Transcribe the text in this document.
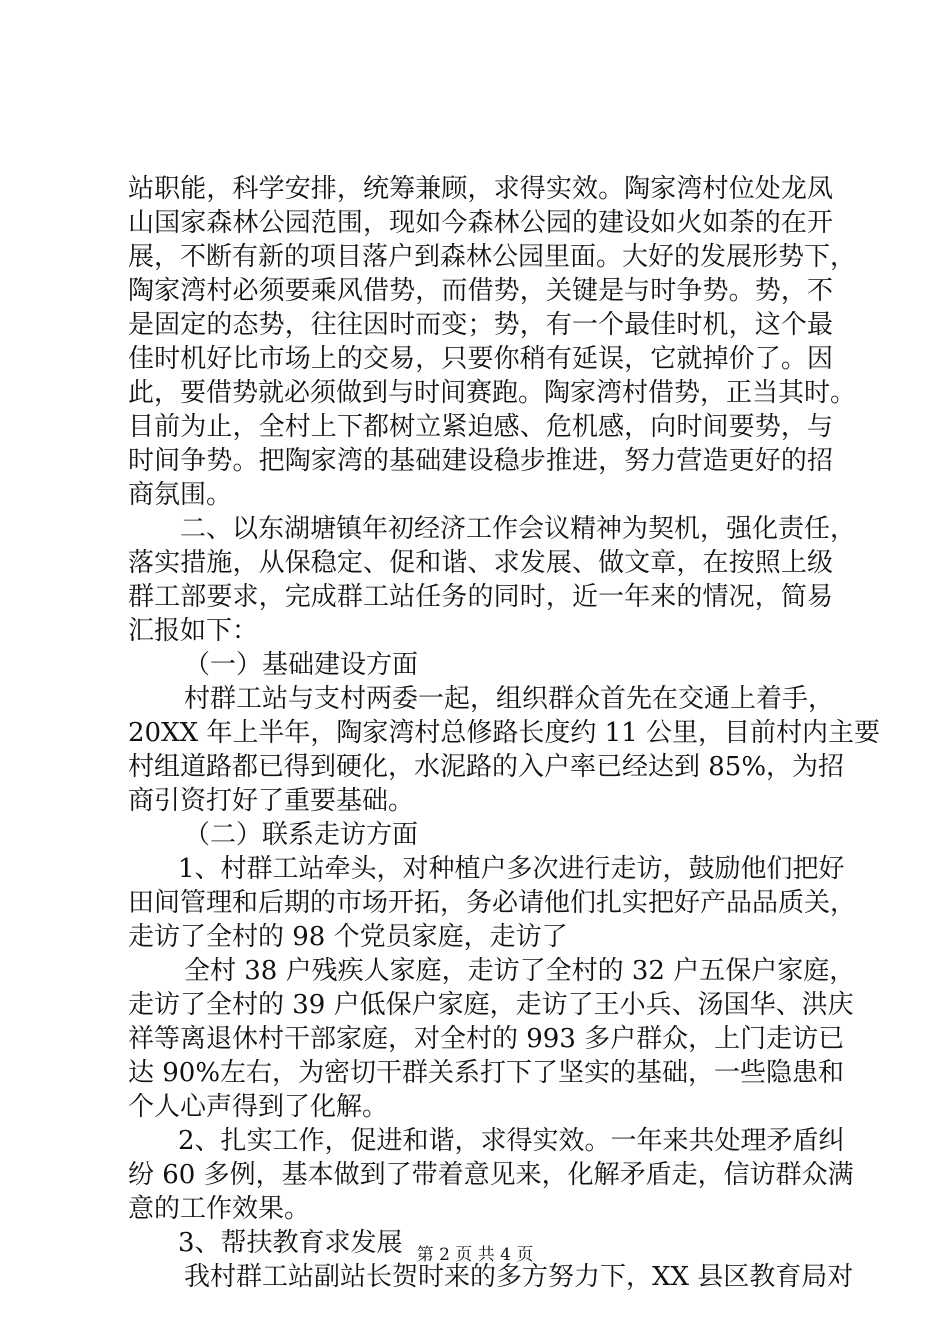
站职能，科学安排，统筹兼顾，求得实效。陶家湾村位处龙凤
山国家森林公园范围，现如今森林公园的建设如火如荼的在开
展，不断有新的项目落户到森林公园里面。大好的发展形势下，
陶家湾村必须要乘风借势，而借势，关键是与时争势。势，不
是固定的态势，往往因时而变；势，有一个最佳时机，这个最
佳时机好比市场上的交易，只要你稍有延误，它就掉价了。因
此，要借势就必须做到与时间赛跑。陶家湾村借势，正当其时。
目前为止，全村上下都树立紧迫感、危机感，向时间要势，与
时间争势。把陶家湾的基础建设稳步推进，努力营造更好的招
商氛围。
二、以东湖塘镇年初经济工作会议精神为契机，强化责任，
落实措施，从保稳定、促和谐、求发展、做文章，在按照上级
群工部要求，完成群工站任务的同时，近一年来的情况，简易
汇报如下：
（一）基础建设方面
村群工站与支村两委一起，组织群众首先在交通上着手，
20XX 年上半年，陶家湾村总修路长度约 11 公里，目前村内主要
村组道路都已得到硬化，水泥路的入户率已经达到 85%，为招
商引资打好了重要基础。
（二）联系走访方面
1、村群工站牵头，对种植户多次进行走访，鼓励他们把好
田间管理和后期的市场开拓，务必请他们扎实把好产品品质关，
走访了全村的 98 个党员家庭，走访了
全村 38 户残疾人家庭，走访了全村的 32 户五保户家庭，
走访了全村的 39 户低保户家庭，走访了王小兵、汤国华、洪庆
祥等离退休村干部家庭，对全村的 993 多户群众，上门走访已
达 90%左右，为密切干群关系打下了坚实的基础，一些隐患和
个人心声得到了化解。
2、扎实工作，促进和谐，求得实效。一年来共处理矛盾纠
纷 60 多例，基本做到了带着意见来，化解矛盾走，信访群众满
意的工作效果。
3、帮扶教育求发展
我村群工站副站长贺时来的多方努力下，XX 县区教育局对
第 2 页 共 4 页
